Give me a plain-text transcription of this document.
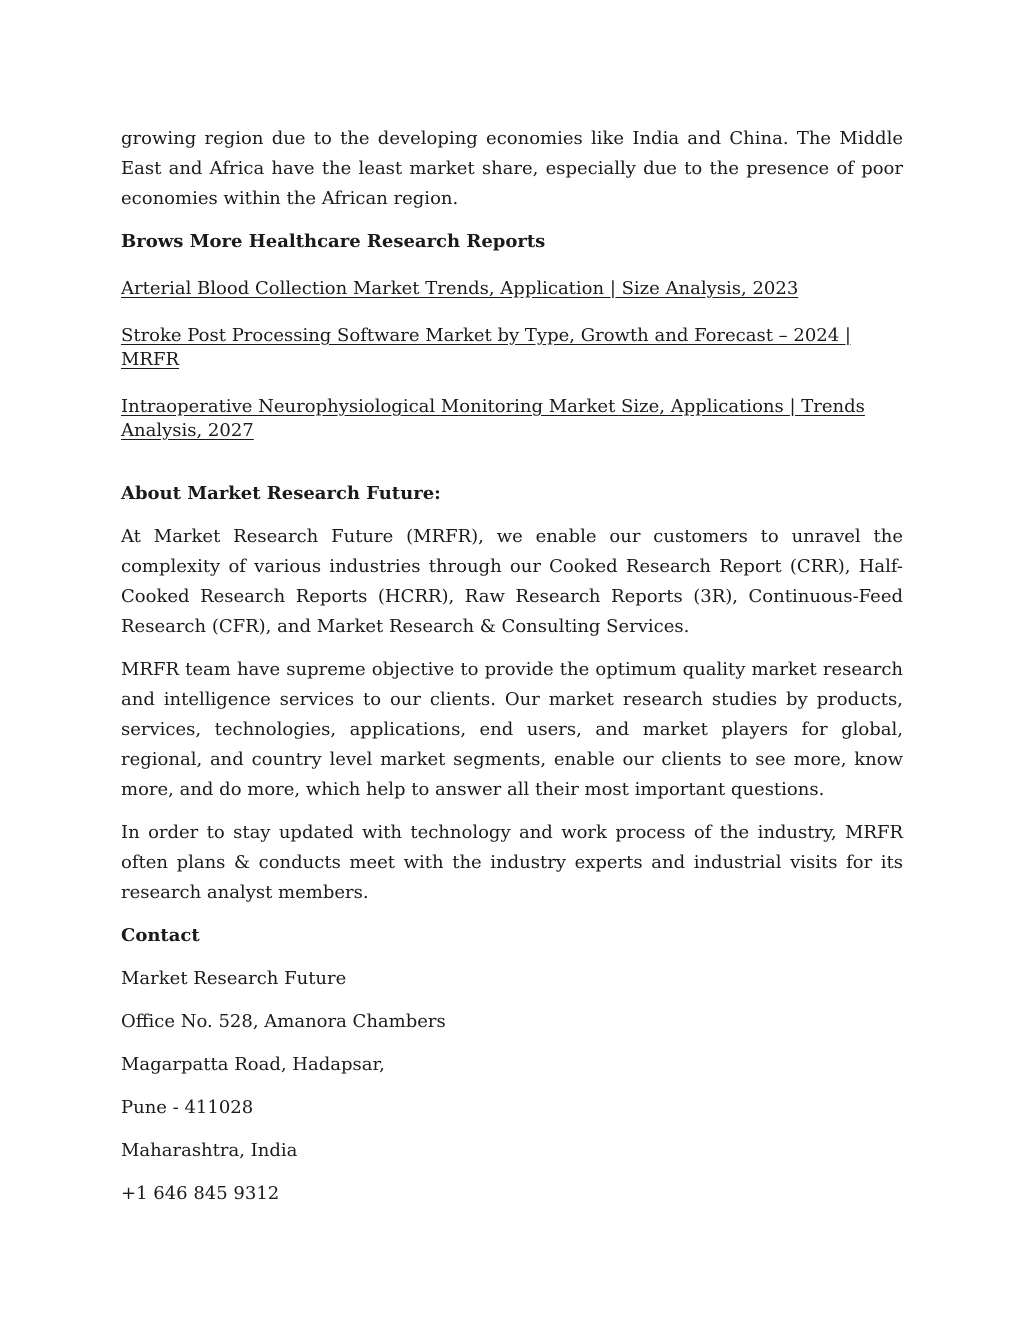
growing region due to the developing economies like India and China. The Middle East and Africa have the least market share, especially due to the presence of poor economies within the African region.

Brows More Healthcare Research Reports

Arterial Blood Collection Market Trends, Application | Size Analysis, 2023
Stroke Post Processing Software Market by Type, Growth and Forecast – 2024 | MRFR
Intraoperative Neurophysiological Monitoring Market Size, Applications | Trends Analysis, 2027

About Market Research Future:

At Market Research Future (MRFR), we enable our customers to unravel the complexity of various industries through our Cooked Research Report (CRR), Half-Cooked Research Reports (HCRR), Raw Research Reports (3R), Continuous-Feed Research (CFR), and Market Research & Consulting Services.

MRFR team have supreme objective to provide the optimum quality market research and intelligence services to our clients. Our market research studies by products, services, technologies, applications, end users, and market players for global, regional, and country level market segments, enable our clients to see more, know more, and do more, which help to answer all their most important questions.

In order to stay updated with technology and work process of the industry, MRFR often plans & conducts meet with the industry experts and industrial visits for its research analyst members.

Contact

Market Research Future

Office No. 528, Amanora Chambers

Magarpatta Road, Hadapsar,

Pune - 411028

Maharashtra, India

+1 646 845 9312
